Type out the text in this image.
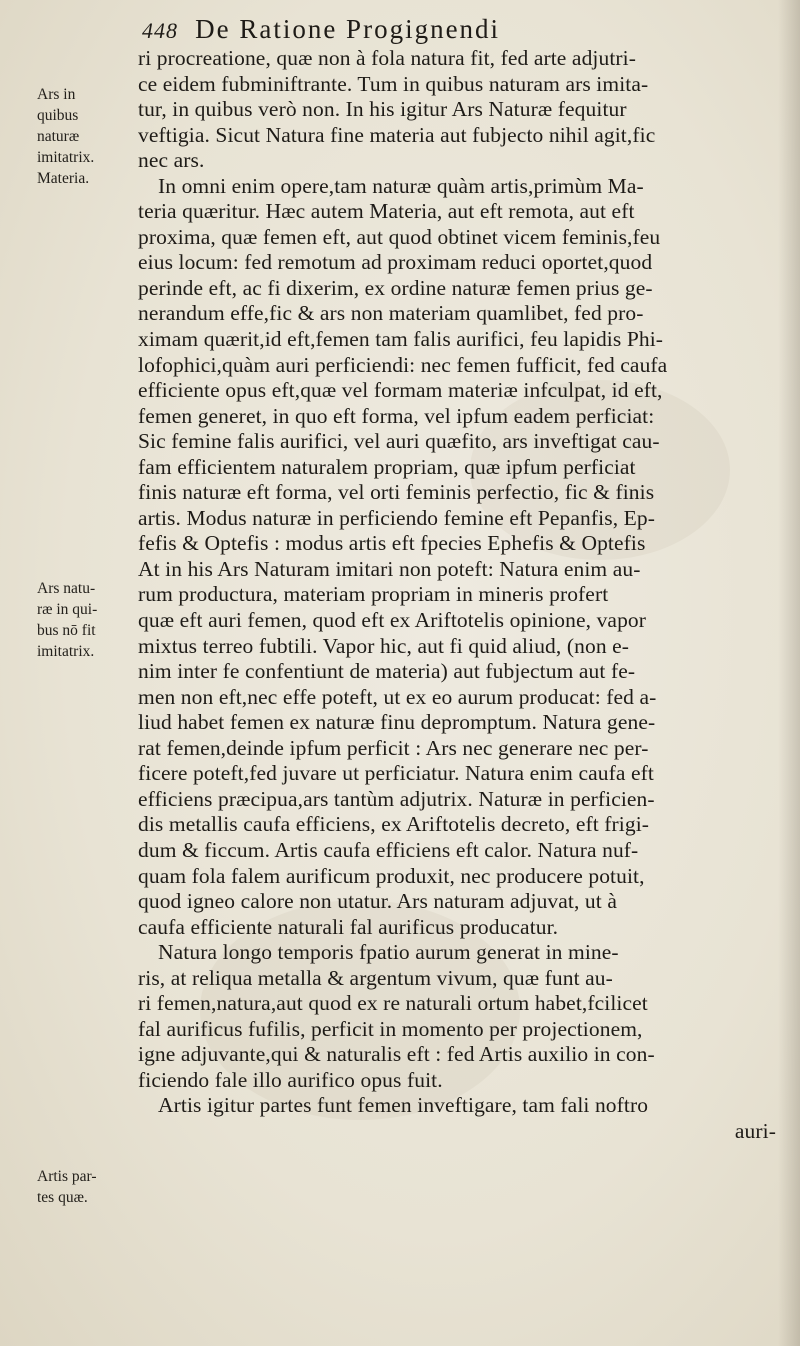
448 De Ratione Progignendi
Ars in
quibus
naturæ
imitatrix.
Materia.
Ars natu-
ræ in qui-
bus nō fit
imitatrix.
Artis par-
tes quæ.
ri procreatione, quæ non à fola natura fit, fed arte adjutri-
ce eidem fubminiftrante. Tum in quibus naturam ars imita-
tur, in quibus verò non. In his igitur Ars Naturæ fequitur
veftigia. Sicut Natura fine materia aut fubjecto nihil agit,fic
nec ars.
In omni enim opere,tam naturæ quàm artis,primùm Ma-
teria quæritur. Hæc autem Materia, aut eft remota, aut eft
proxima, quæ femen eft, aut quod obtinet vicem feminis,feu
eius locum: fed remotum ad proximam reduci oportet,quod
perinde eft, ac fi dixerim, ex ordine naturæ femen prius ge-
nerandum effe,fic & ars non materiam quamlibet, fed pro-
ximam quærit,id eft,femen tam falis aurifici, feu lapidis Phi-
lofophici,quàm auri perficiendi: nec femen fufficit, fed caufa
efficiente opus eft,quæ vel formam materiæ infculpat, id eft,
femen generet, in quo eft forma, vel ipfum eadem perficiat:
Sic femine falis aurifici, vel auri quæfito, ars inveftigat cau-
fam efficientem naturalem propriam, quæ ipfum perficiat
finis naturæ eft forma, vel orti feminis perfectio, fic & finis
artis. Modus naturæ in perficiendo femine eft Pepanfis, Ep-
fefis & Optefis : modus artis eft fpecies Ephefis & Optefis
At in his Ars Naturam imitari non poteft: Natura enim au-
rum productura, materiam propriam in mineris profert
quæ eft auri femen, quod eft ex Ariftotelis opinione, vapor
mixtus terreo fubtili. Vapor hic, aut fi quid aliud, (non e-
nim inter fe confentiunt de materia) aut fubjectum aut fe-
men non eft,nec effe poteft, ut ex eo aurum producat: fed a-
liud habet femen ex naturæ finu depromptum. Natura gene-
rat femen,deinde ipfum perficit : Ars nec generare nec per-
ficere poteft,fed juvare ut perficiatur. Natura enim caufa eft
efficiens præcipua,ars tantùm adjutrix. Naturæ in perficien-
dis metallis caufa efficiens, ex Ariftotelis decreto, eft frigi-
dum & ficcum. Artis caufa efficiens eft calor. Natura nuf-
quam fola falem aurificum produxit, nec producere potuit,
quod igneo calore non utatur. Ars naturam adjuvat, ut à
caufa efficiente naturali fal aurificus producatur.
Natura longo temporis fpatio aurum generat in mine-
ris, at reliqua metalla & argentum vivum, quæ funt au-
ri femen,natura,aut quod ex re naturali ortum habet,fcilicet
fal aurificus fufilis, perficit in momento per projectionem,
igne adjuvante,qui & naturalis eft : fed Artis auxilio in con-
ficiendo fale illo aurifico opus fuit.
Artis igitur partes funt femen inveftigare, tam fali noftro
auri-
